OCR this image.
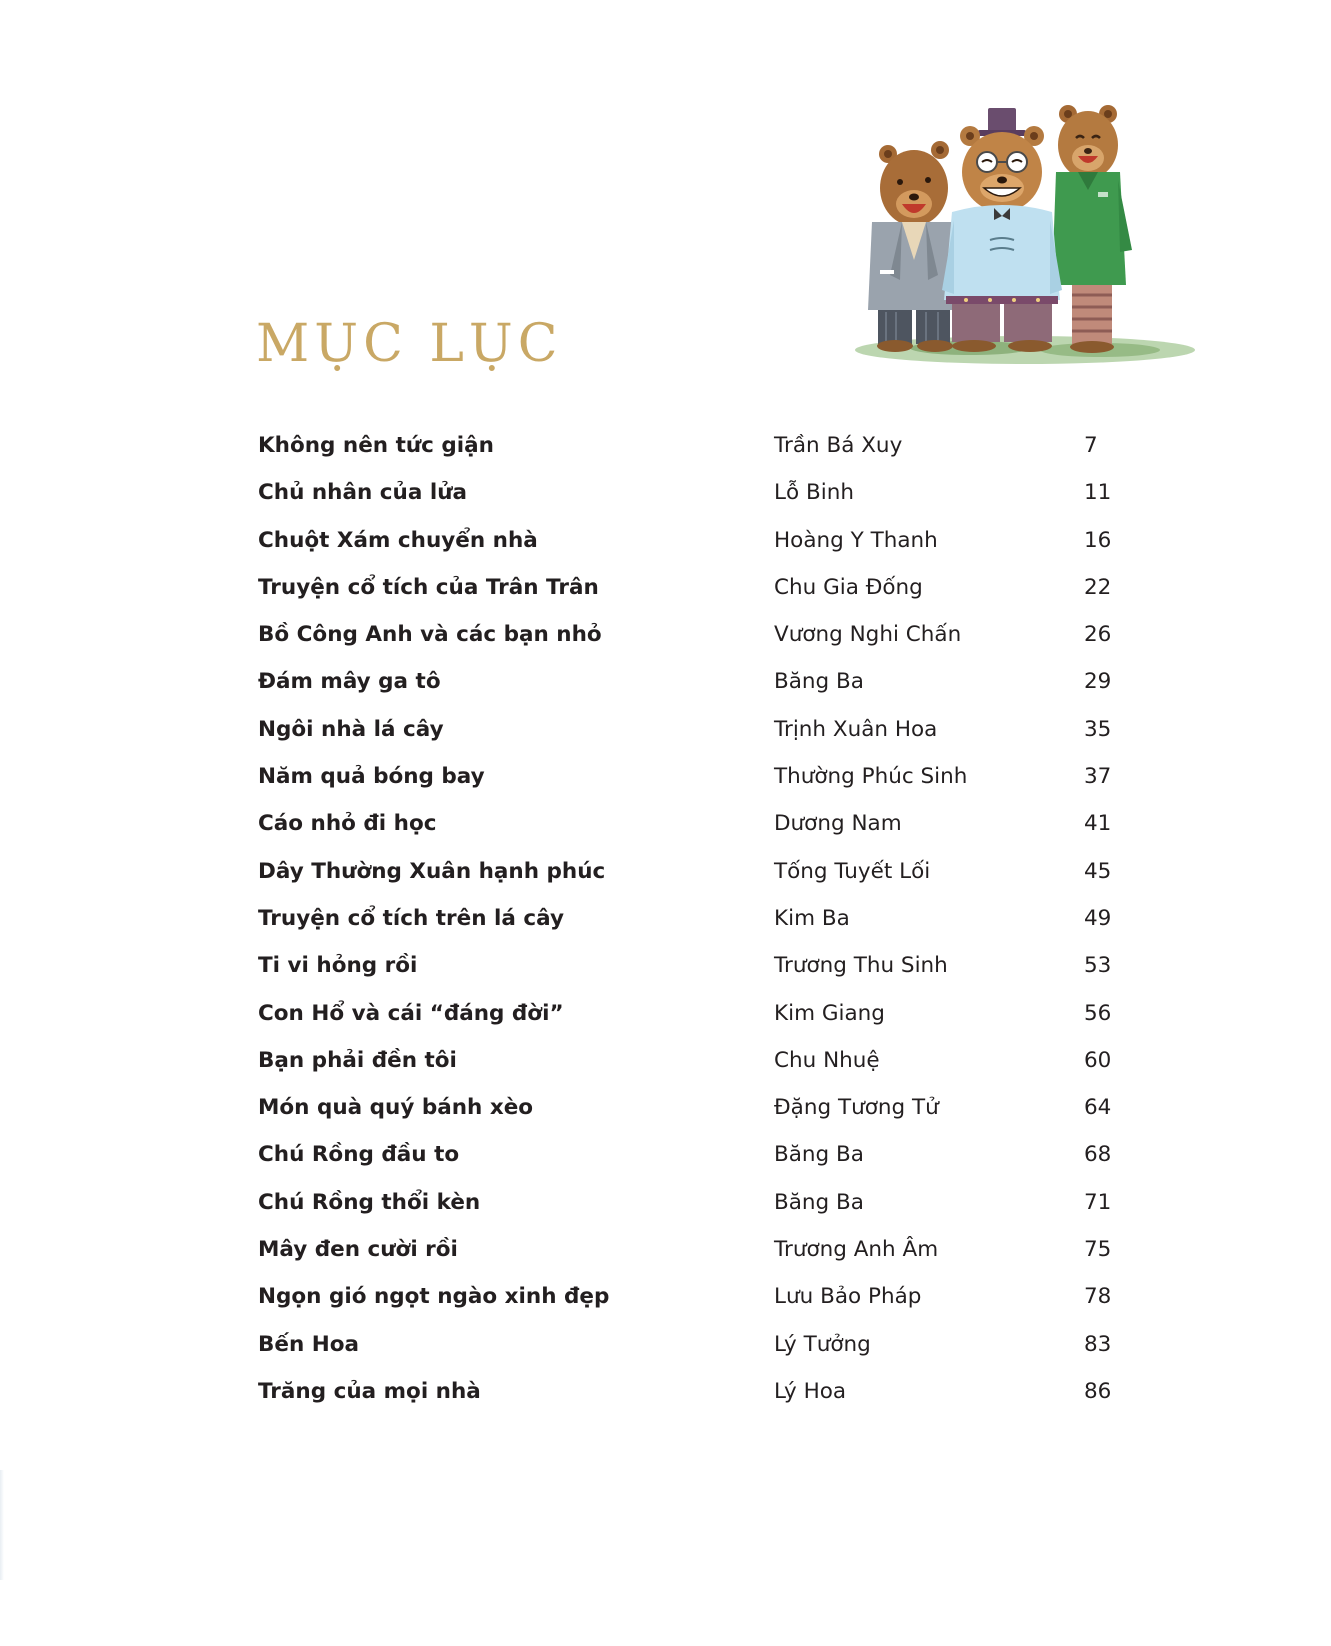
MỤC LỤC
Không nên tức giận	Trần Bá Xuy	7
Chủ nhân của lửa	Lỗ Binh	11
Chuột Xám chuyển nhà	Hoàng Y Thanh	16
Truyện cổ tích của Trân Trân	Chu Gia Đống	22
Bồ Công Anh và các bạn nhỏ	Vương Nghi Chấn	26
Đám mây ga tô	Băng Ba	29
Ngôi nhà lá cây	Trịnh Xuân Hoa	35
Năm quả bóng bay	Thường Phúc Sinh	37
Cáo nhỏ đi học	Dương Nam	41
Dây Thường Xuân hạnh phúc	Tống Tuyết Lối	45
Truyện cổ tích trên lá cây	Kim Ba	49
Ti vi hỏng rồi	Trương Thu Sinh	53
Con Hổ và cái “đáng đời”	Kim Giang	56
Bạn phải đền tôi	Chu Nhuệ	60
Món quà quý bánh xèo	Đặng Tương Tử	64
Chú Rồng đầu to	Băng Ba	68
Chú Rồng thổi kèn	Băng Ba	71
Mây đen cười rồi	Trương Anh Âm	75
Ngọn gió ngọt ngào xinh đẹp	Lưu Bảo Pháp	78
Bến Hoa	Lý Tưởng	83
Trăng của mọi nhà	Lý Hoa	86
